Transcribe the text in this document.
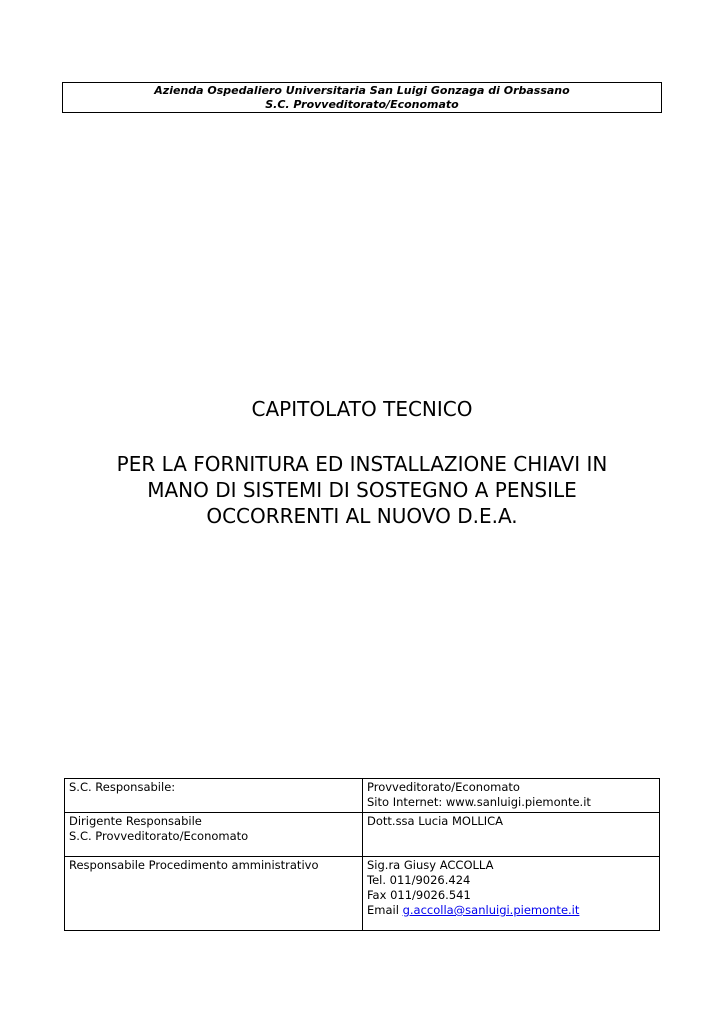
Azienda Ospedaliero Universitaria San Luigi Gonzaga di Orbassano
S.C. Provveditorato/Economato
CAPITOLATO TECNICO
PER LA FORNITURA ED INSTALLAZIONE CHIAVI IN
MANO DI SISTEMI DI SOSTEGNO A PENSILE
OCCORRENTI AL NUOVO D.E.A.
S.C. Responsabile:	Provveditorato/Economato
Sito Internet: www.sanluigi.piemonte.it

Dirigente Responsabile
S.C. Provveditorato/Economato	Dott.ssa Lucia MOLLICA
Responsabile Procedimento amministrativo	Sig.ra Giusy ACCOLLA
Tel. 011/9026.424
Fax 011/9026.541
Email g.accolla@sanluigi.piemonte.it
